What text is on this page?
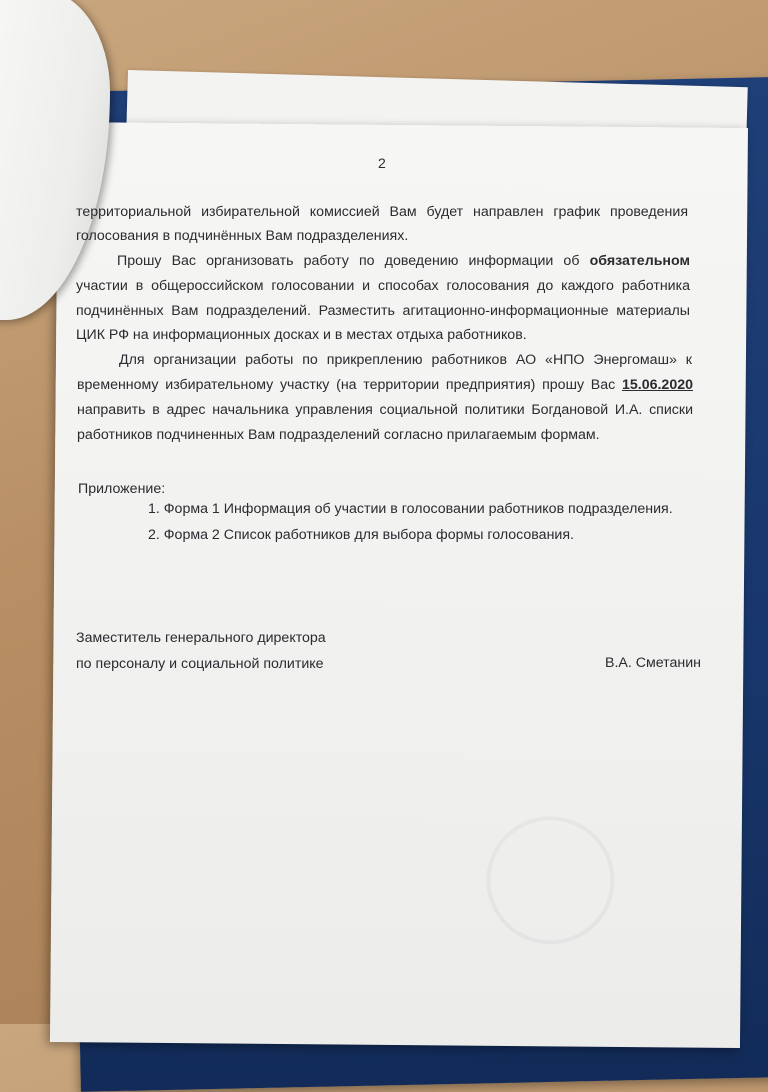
2
территориальной избирательной комиссией Вам будет направлен график проведения
голосования в подчинённых Вам подразделениях.
Прошу Вас организовать работу по доведению информации об обязательном
участии в общероссийском голосовании и способах голосования до каждого работника
подчинённых Вам подразделений. Разместить агитационно-информационные материалы
ЦИК РФ на информационных досках и в местах отдыха работников.
Для организации работы по прикреплению работников АО «НПО Энергомаш» к
временному избирательному участку (на территории предприятия) прошу Вас 15.06.2020
направить в адрес начальника управления социальной политики Богдановой И.А. списки
работников подчиненных Вам подразделений согласно прилагаемым формам.
Приложение:
1. Форма 1 Информация об участии в голосовании работников подразделения.
2. Форма 2 Список работников для выбора формы голосования.
Заместитель генерального директора
по персоналу и социальной политике	В.А. Сметанин
